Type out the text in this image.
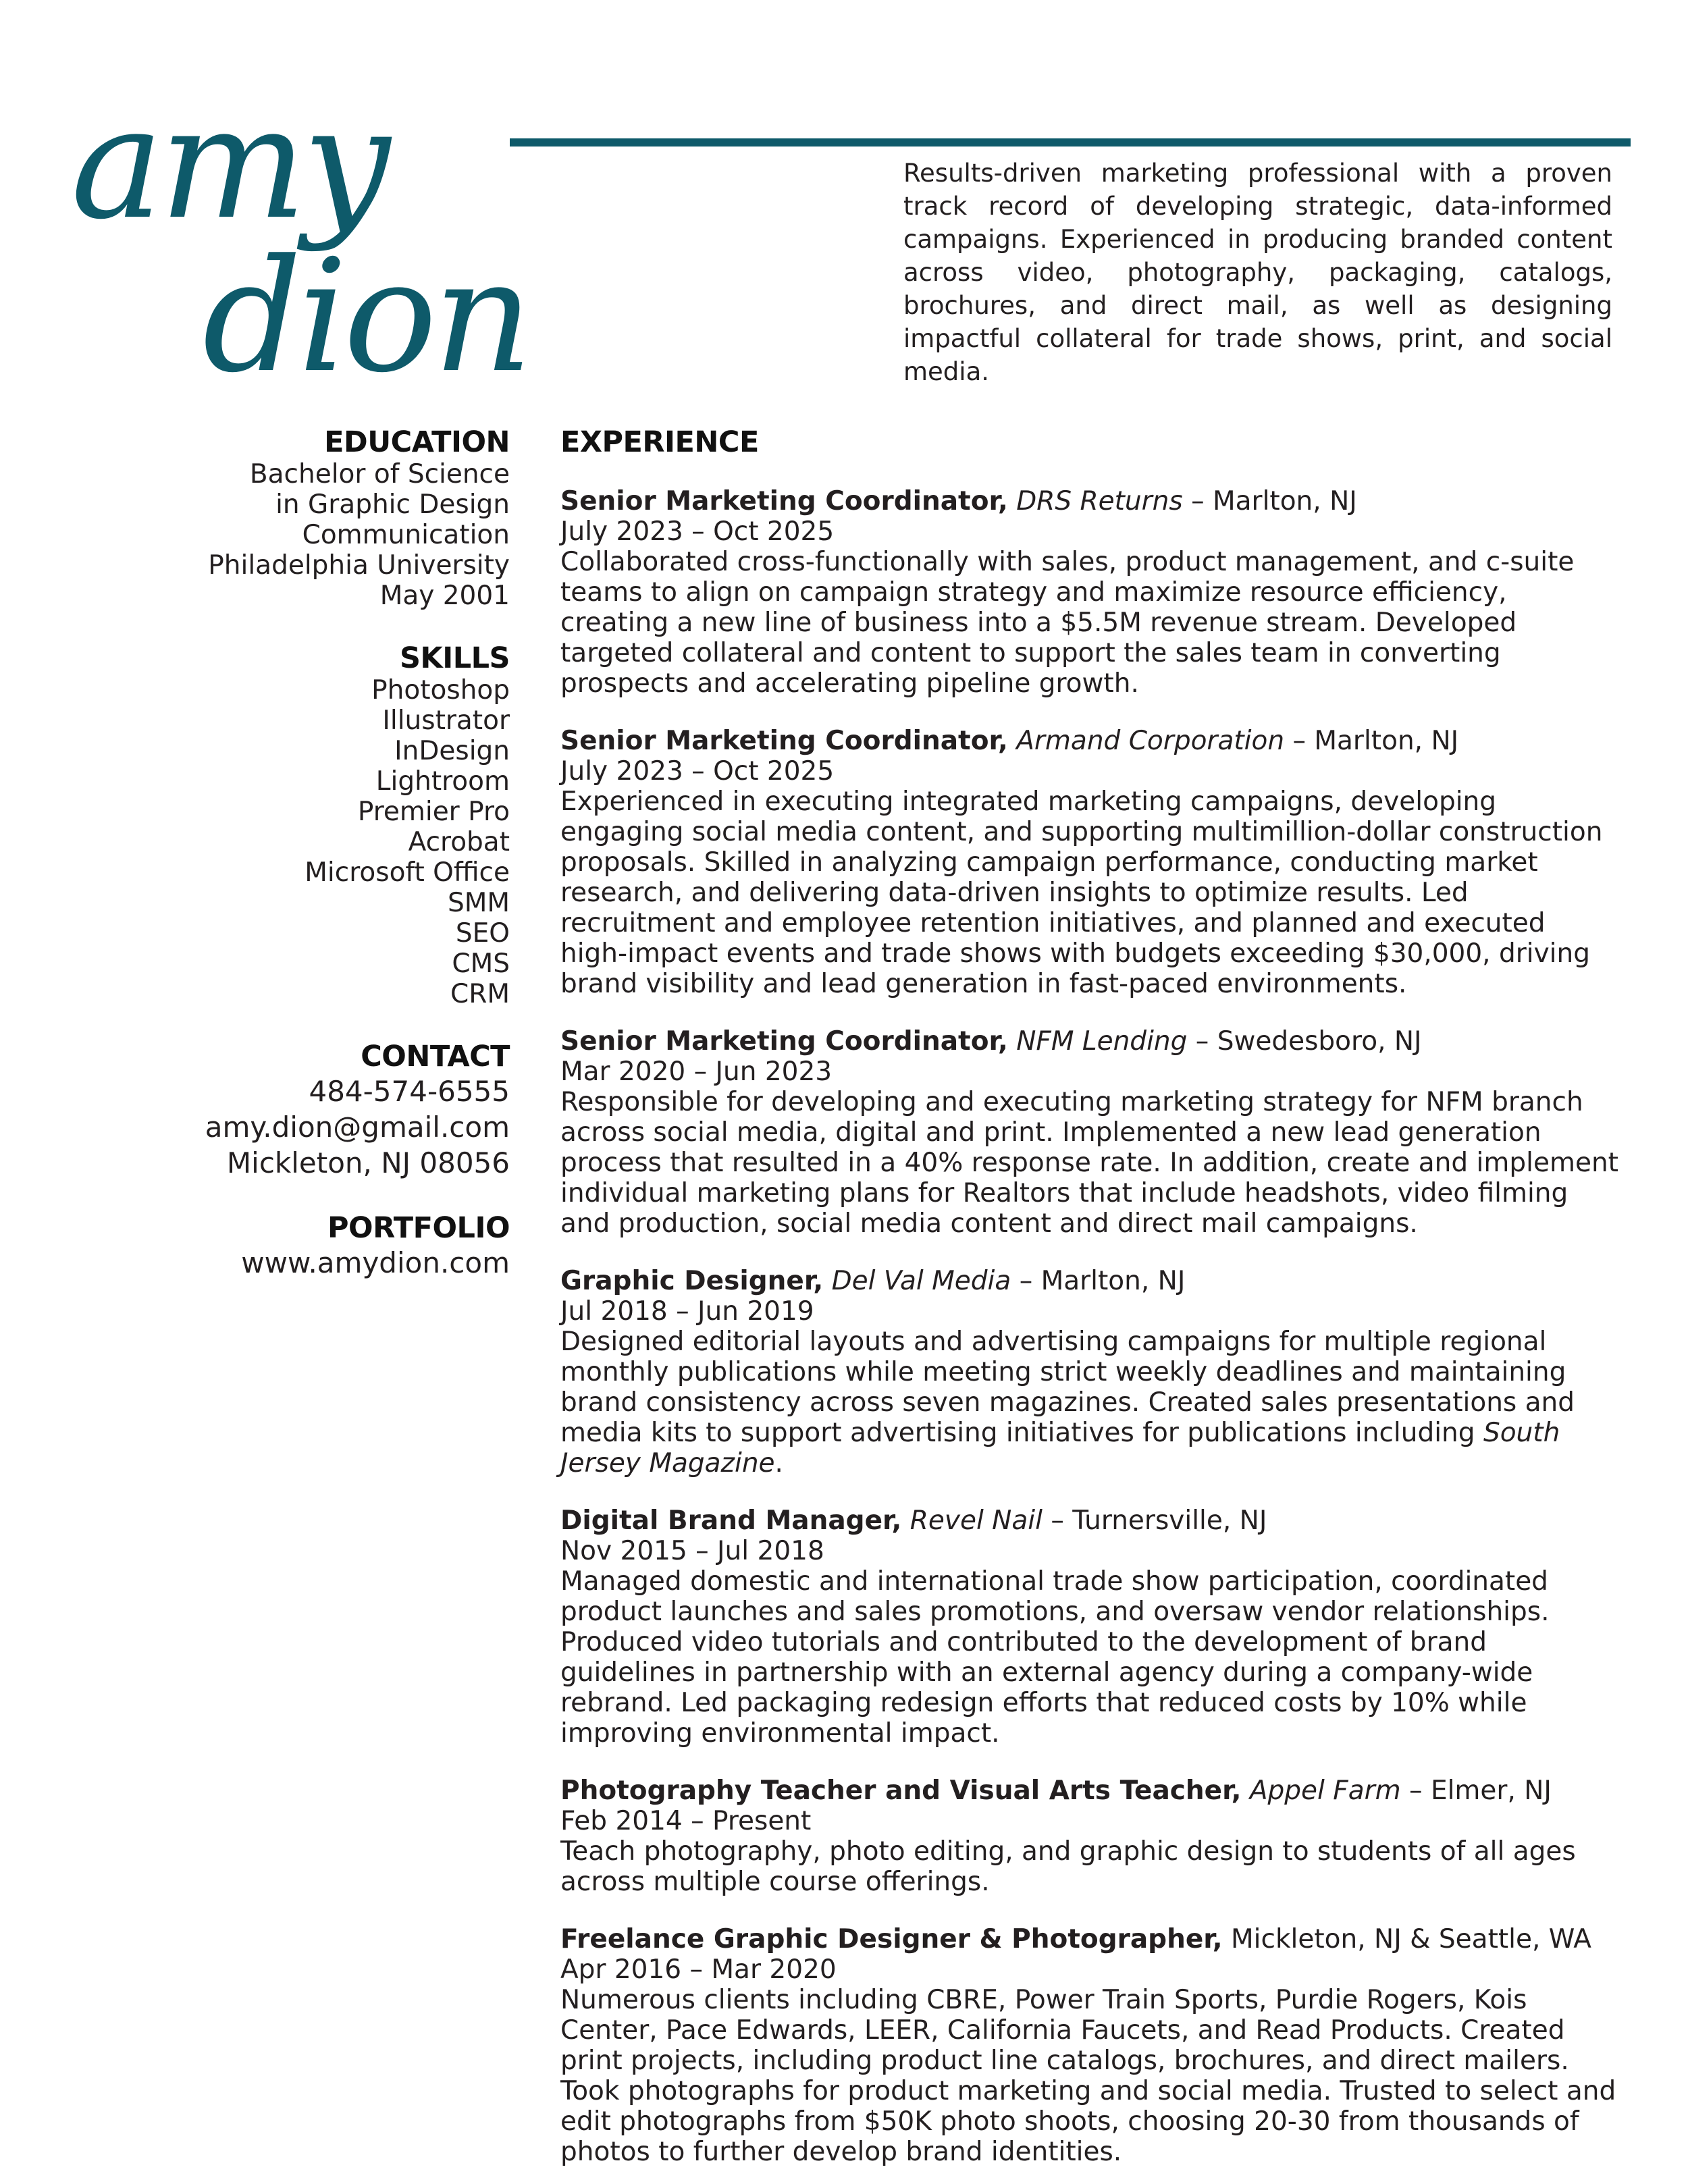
amy
dion
Results-driven marketing professional with a proven track record of developing strategic, data-informed campaigns. Experienced in producing branded content across video, photography, packaging, catalogs, brochures, and direct mail, as well as designing impactful collateral for trade shows, print, and social media.
EDUCATION
Bachelor of Science
in Graphic Design
Communication
Philadelphia University
May 2001
SKILLS
Photoshop
Illustrator
InDesign
Lightroom
Premier Pro
Acrobat
Microsoft Office
SMM
SEO
CMS
CRM
CONTACT
484-574-6555
amy.dion@gmail.com
Mickleton, NJ 08056
PORTFOLIO
www.amydion.com
EXPERIENCE
Senior Marketing Coordinator, DRS Returns – Marlton, NJ
July 2023 – Oct 2025
Collaborated cross-functionally with sales, product management, and c-suite teams to align on campaign strategy and maximize resource efficiency, creating a new line of business into a $5.5M revenue stream. Developed targeted collateral and content to support the sales team in converting prospects and accelerating pipeline growth.
Senior Marketing Coordinator, Armand Corporation – Marlton, NJ
July 2023 – Oct 2025
Experienced in executing integrated marketing campaigns, developing engaging social media content, and supporting multimillion-dollar construction proposals. Skilled in analyzing campaign performance, conducting market research, and delivering data-driven insights to optimize results. Led recruitment and employee retention initiatives, and planned and executed high-impact events and trade shows with budgets exceeding $30,000, driving brand visibility and lead generation in fast-paced environments.
Senior Marketing Coordinator, NFM Lending – Swedesboro, NJ
Mar 2020 – Jun 2023
Responsible for developing and executing marketing strategy for NFM branch across social media, digital and print. Implemented a new lead generation process that resulted in a 40% response rate. In addition, create and implement individual marketing plans for Realtors that include headshots, video filming and production, social media content and direct mail campaigns.
Graphic Designer, Del Val Media – Marlton, NJ
Jul 2018 – Jun 2019
Designed editorial layouts and advertising campaigns for multiple regional monthly publications while meeting strict weekly deadlines and maintaining brand consistency across seven magazines. Created sales presentations and media kits to support advertising initiatives for publications including South Jersey Magazine.
Digital Brand Manager, Revel Nail – Turnersville, NJ
Nov 2015 – Jul 2018
Managed domestic and international trade show participation, coordinated product launches and sales promotions, and oversaw vendor relationships. Produced video tutorials and contributed to the development of brand guidelines in partnership with an external agency during a company-wide rebrand. Led packaging redesign efforts that reduced costs by 10% while improving environmental impact.
Photography Teacher and Visual Arts Teacher, Appel Farm – Elmer, NJ
Feb 2014 – Present
Teach photography, photo editing, and graphic design to students of all ages across multiple course offerings.
Freelance Graphic Designer & Photographer, Mickleton, NJ & Seattle, WA
Apr 2016 – Mar 2020
Numerous clients including CBRE, Power Train Sports, Purdie Rogers, Kois Center, Pace Edwards, LEER, California Faucets, and Read Products. Created print projects, including product line catalogs, brochures, and direct mailers. Took photographs for product marketing and social media. Trusted to select and edit photographs from $50K photo shoots, choosing 20-30 from thousands of photos to further develop brand identities.
